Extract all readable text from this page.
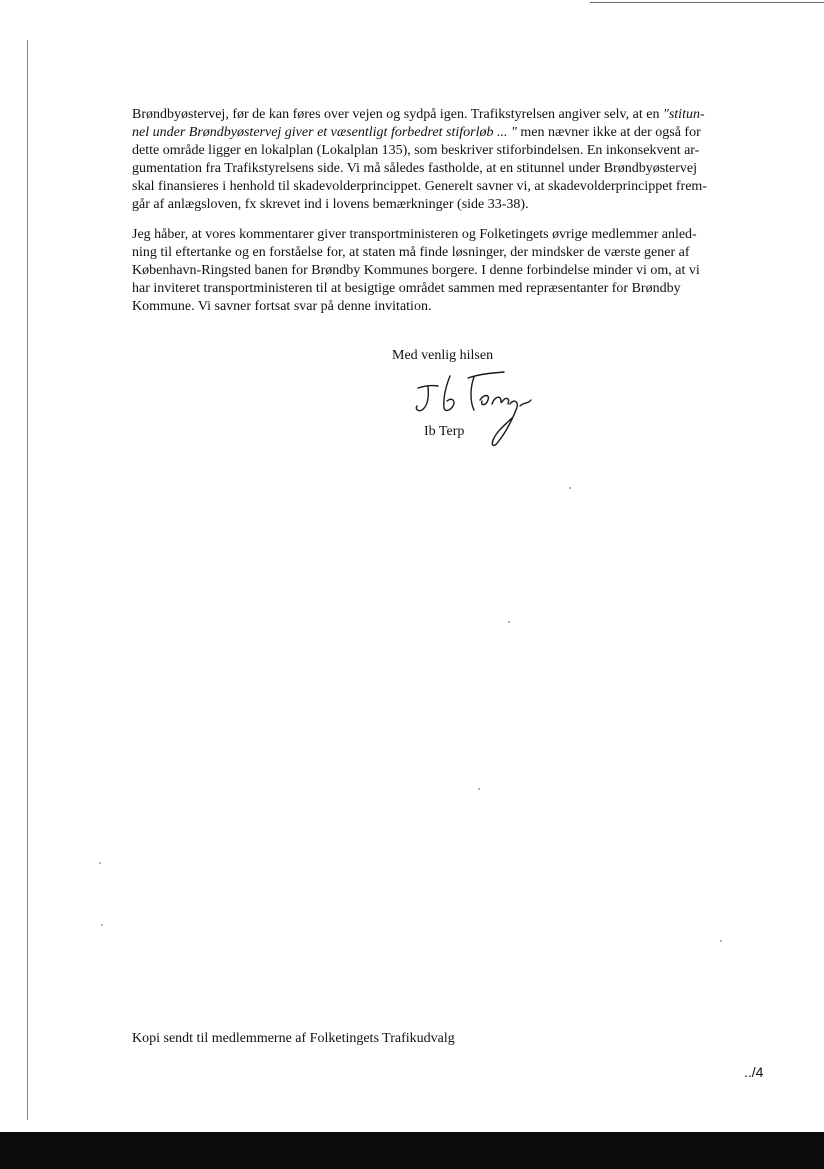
Brøndbyøstervej, før de kan føres over vejen og sydpå igen. Trafikstyrelsen angiver selv, at en "stitun-
nel under Brøndbyøstervej giver et væsentligt forbedret stiforløb ... " men nævner ikke at der også for
dette område ligger en lokalplan (Lokalplan 135), som beskriver stiforbindelsen. En inkonsekvent ar-
gumentation fra Trafikstyrelsens side. Vi må således fastholde, at en stitunnel under Brøndbyøstervej
skal finansieres i henhold til skadevolderprincippet. Generelt savner vi, at skadevolderprincippet frem-
går af anlægsloven, fx skrevet ind i lovens bemærkninger (side 33-38).

Jeg håber, at vores kommentarer giver transportministeren og Folketingets øvrige medlemmer anled-
ning til eftertanke og en forståelse for, at staten må finde løsninger, der mindsker de værste gener af
København-Ringsted banen for Brøndby Kommunes borgere. I denne forbindelse minder vi om, at vi
har inviteret transportministeren til at besigtige området sammen med repræsentanter for Brøndby
Kommune. Vi savner fortsat svar på denne invitation.

Med venlig hilsen

Ib Terp

Kopi sendt til medlemmerne af Folketingets Trafikudvalg

../4
